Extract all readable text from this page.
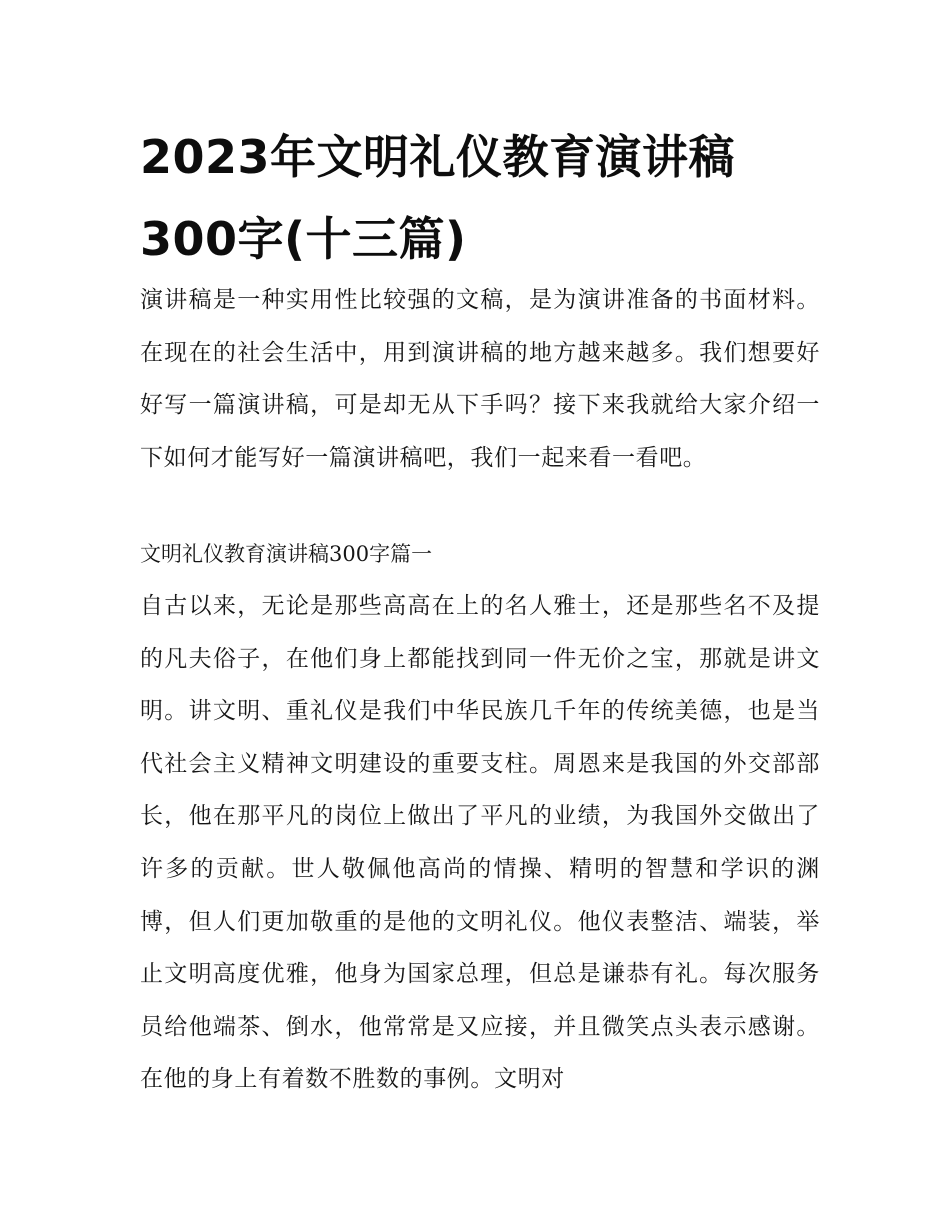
2023年文明礼仪教育演讲稿
300字(十三篇)

演讲稿是一种实用性比较强的文稿，是为演讲准备的书面材料。在现在的社会生活中，用到演讲稿的地方越来越多。我们想要好好写一篇演讲稿，可是却无从下手吗？接下来我就给大家介绍一下如何才能写好一篇演讲稿吧，我们一起来看一看吧。

文明礼仪教育演讲稿300字篇一

自古以来，无论是那些高高在上的名人雅士，还是那些名不及提的凡夫俗子，在他们身上都能找到同一件无价之宝，那就是讲文明。讲文明、重礼仪是我们中华民族几千年的传统美德，也是当代社会主义精神文明建设的重要支柱。周恩来是我国的外交部部长，他在那平凡的岗位上做出了平凡的业绩，为我国外交做出了许多的贡献。世人敬佩他高尚的情操、精明的智慧和学识的渊博，但人们更加敬重的是他的文明礼仪。他仪表整洁、端装，举止文明高度优雅，他身为国家总理，但总是谦恭有礼。每次服务员给他端茶、倒水，他常常是又应接，并且微笑点头表示感谢。在他的身上有着数不胜数的事例。文明对
